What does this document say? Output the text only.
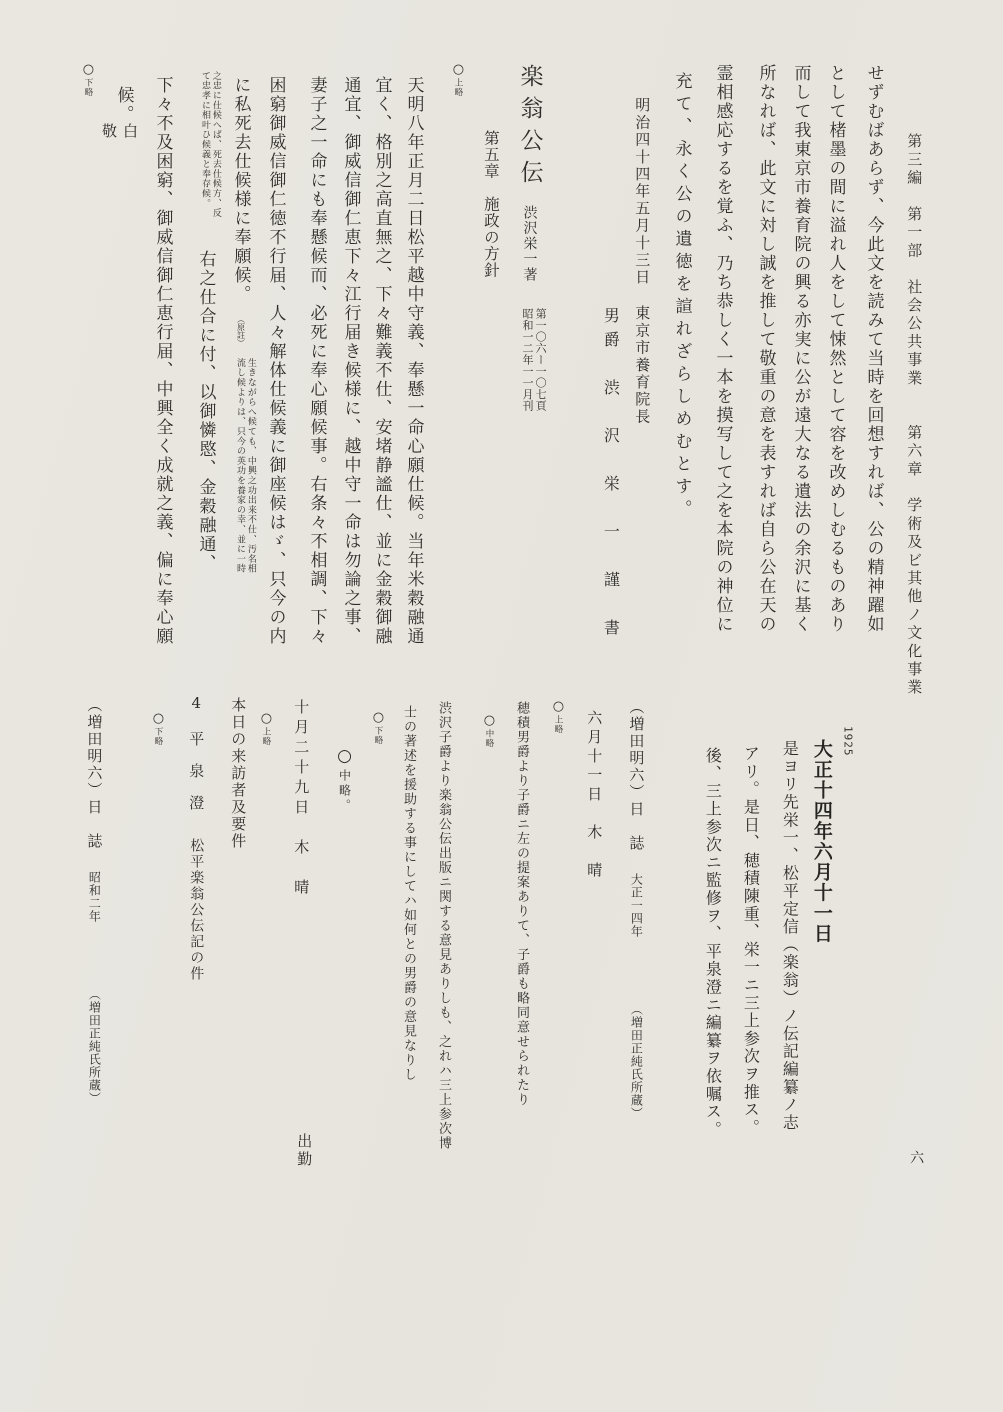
第三編　第一部　社会公共事業　　第六章　学術及ビ其他ノ文化事業
せずむばあらず、今此文を読みて当時を回想すれば、公の精神躍如
として楮墨の間に溢れ人をして悚然として容を改めしむるものあり
而して我東京市養育院の興る亦実に公が遠大なる遺法の余沢に基く
所なれば、此文に対し誠を推して敬重の意を表すれば自ら公在天の
霊相感応するを覚ふ、乃ち恭しく一本を摸写して之を本院の神位に
充て、永く公の遺徳を諠れざらしめむとす。
明治四十四年五月十三日 東京市養育院長
男爵　渋　沢　栄　一　謹　書
楽翁公伝 渋沢栄一著
第一〇六ー一〇七頁
昭和一二年一一月刊
第五章　施政の方針
○上略
天明八年正月二日松平越中守義、奉懸一命心願仕候。当年米穀融通
宜く、格別之高直無之、下々難義不仕、安堵静謐仕、並に金穀御融
通宜、御威信御仁恵下々江行届き候様に、越中守一命は勿論之事、
妻子之一命にも奉懸候而、必死に奉心願候事。右条々不相調、下々
困窮御威信御仁徳不行届、人々解体仕候義に御座候はゞ、只今の内
に私死去仕候様に奉願候。 （原註）
生きながらへ候ても、中興之功出来不仕、汚名相
流し候よりは、只今の英功を養家の幸、並に一時
之忠に仕候へば、死去仕候方、反
て忠孝に相叶ひ候義と奉存候。
右之仕合に付、以御憐愍、金穀融通、
下々不及困窮、御威信御仁恵行届、中興全く成就之義、偏に奉心願
候。
敬白
○下略
1925
大正十四年六月十一日
是ヨリ先栄一、松平定信（楽翁）ノ伝記編纂ノ志
アリ。是日、穂積陳重、栄一ニ三上参次ヲ推ス。
後、三上参次ニ監修ヲ、平泉澄ニ編纂ヲ依嘱ス。
（増田明六）日　誌 大正一四年 （増田正純氏所蔵）
六月十一日　木　晴
○上略
穂積男爵より子爵ニ左の提案ありて、子爵も略同意せられたり
○中略
渋沢子爵より楽翁公伝出版ニ関する意見ありしも、之れハ三上参次博
士の著述を援助する事にしてハ如何との男爵の意見なりし
○下略
○中略。
十月二十九日　木　晴
出勤
○上略
本日の来訪者及要件
4 平　泉　澄 松平楽翁公伝記の件
○下略
（増田明六）日　誌 昭和二年 （増田正純氏所蔵）
六
